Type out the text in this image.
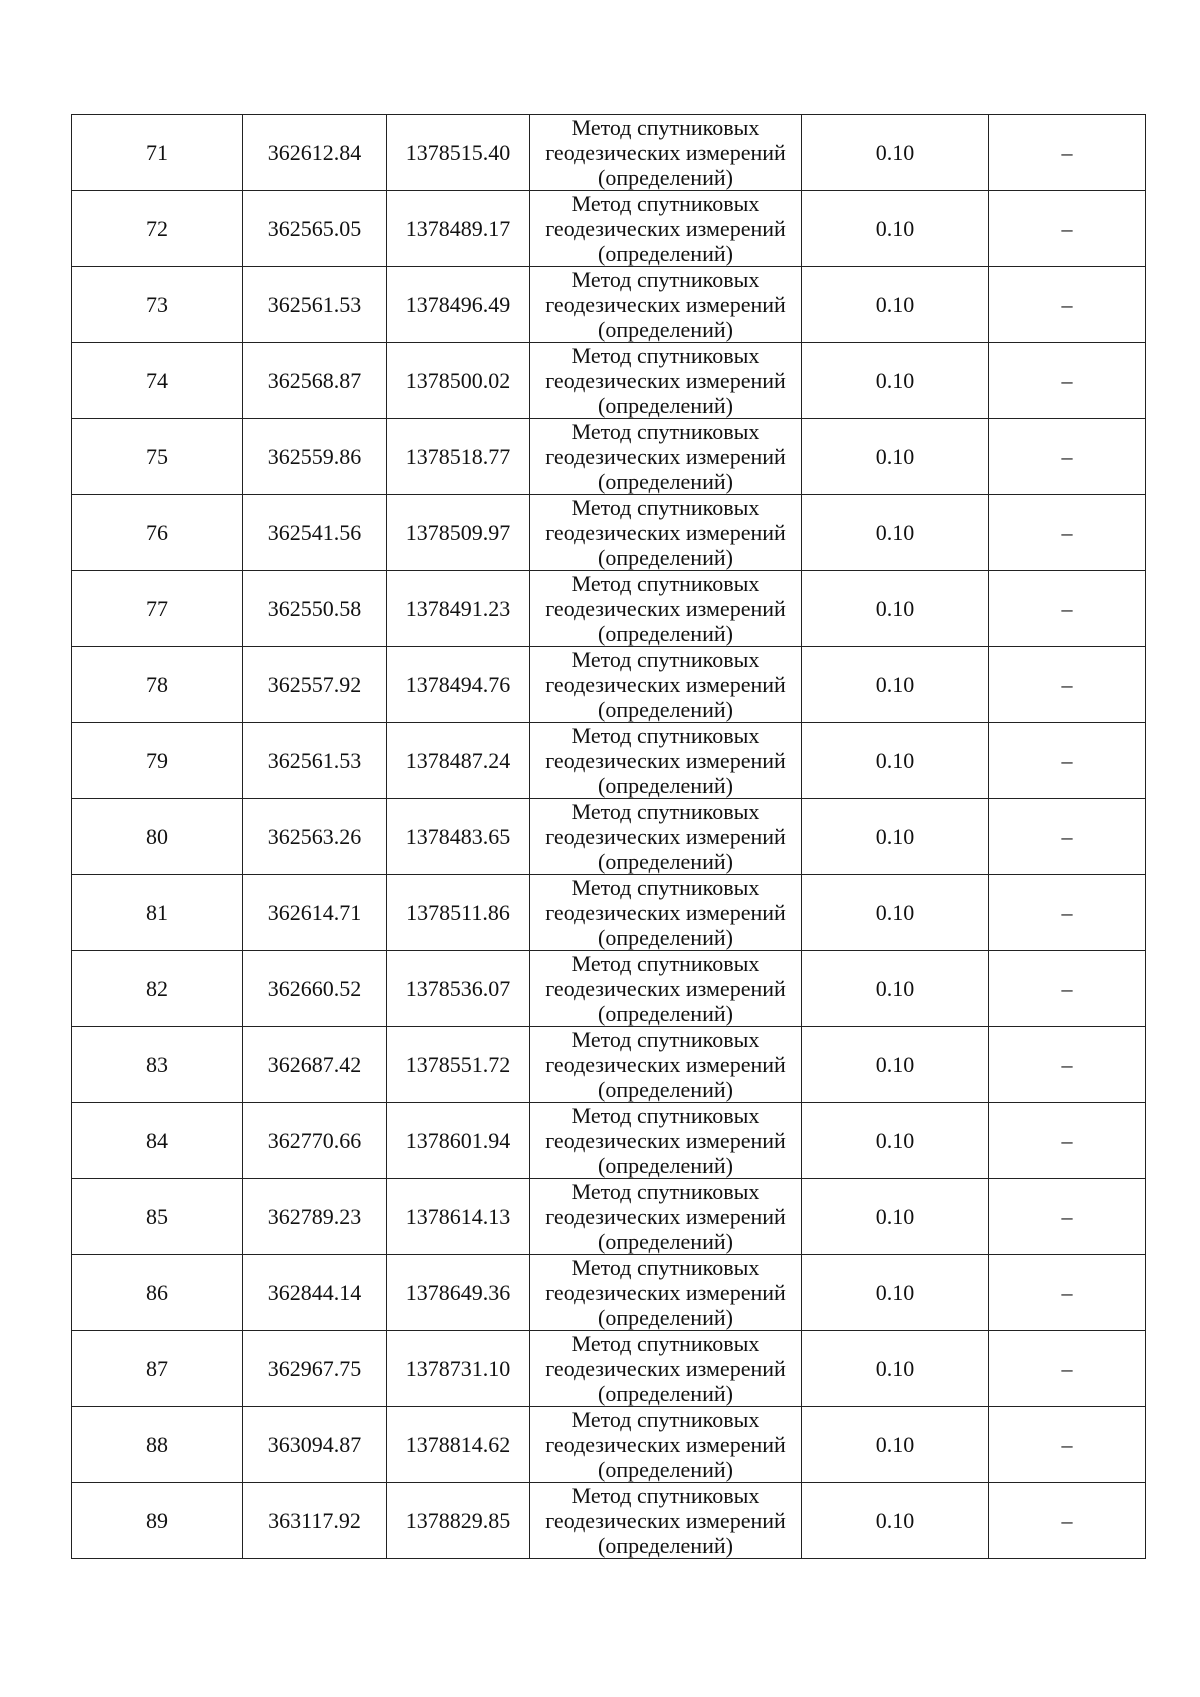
71	362612.84	1378515.40	Метод спутниковых
геодезических измерений
(определений)	0.10	–
72	362565.05	1378489.17	Метод спутниковых
геодезических измерений
(определений)	0.10	–
73	362561.53	1378496.49	Метод спутниковых
геодезических измерений
(определений)	0.10	–
74	362568.87	1378500.02	Метод спутниковых
геодезических измерений
(определений)	0.10	–
75	362559.86	1378518.77	Метод спутниковых
геодезических измерений
(определений)	0.10	–
76	362541.56	1378509.97	Метод спутниковых
геодезических измерений
(определений)	0.10	–
77	362550.58	1378491.23	Метод спутниковых
геодезических измерений
(определений)	0.10	–
78	362557.92	1378494.76	Метод спутниковых
геодезических измерений
(определений)	0.10	–
79	362561.53	1378487.24	Метод спутниковых
геодезических измерений
(определений)	0.10	–
80	362563.26	1378483.65	Метод спутниковых
геодезических измерений
(определений)	0.10	–
81	362614.71	1378511.86	Метод спутниковых
геодезических измерений
(определений)	0.10	–
82	362660.52	1378536.07	Метод спутниковых
геодезических измерений
(определений)	0.10	–
83	362687.42	1378551.72	Метод спутниковых
геодезических измерений
(определений)	0.10	–
84	362770.66	1378601.94	Метод спутниковых
геодезических измерений
(определений)	0.10	–
85	362789.23	1378614.13	Метод спутниковых
геодезических измерений
(определений)	0.10	–
86	362844.14	1378649.36	Метод спутниковых
геодезических измерений
(определений)	0.10	–
87	362967.75	1378731.10	Метод спутниковых
геодезических измерений
(определений)	0.10	–
88	363094.87	1378814.62	Метод спутниковых
геодезических измерений
(определений)	0.10	–
89	363117.92	1378829.85	Метод спутниковых
геодезических измерений
(определений)	0.10	–
